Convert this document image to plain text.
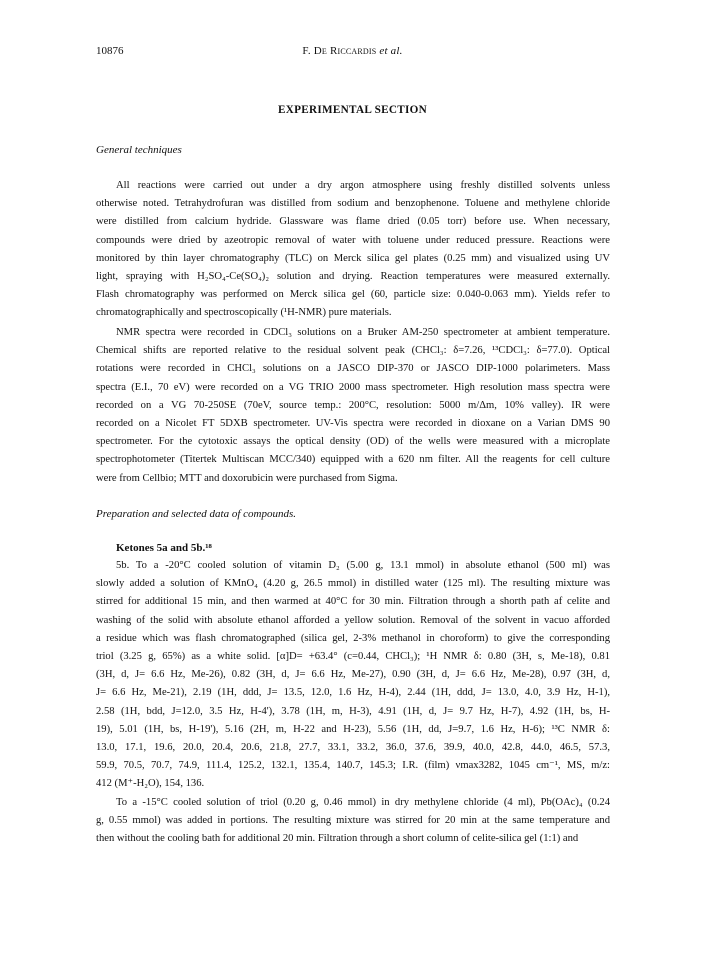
10876	F. De Riccardis et al.
EXPERIMENTAL SECTION
General techniques
All reactions were carried out under a dry argon atmosphere using freshly distilled solvents unless
otherwise noted. Tetrahydrofuran was distilled from sodium and benzophenone. Toluene and methylene chloride
were distilled from calcium hydride. Glassware was flame dried (0.05 torr) before use. When necessary,
compounds were dried by azeotropic removal of water with toluene under reduced pressure. Reactions were
monitored by thin layer chromatography (TLC) on Merck silica gel plates (0.25 mm) and visualized using UV
light, spraying with H₂SO₄-Ce(SO₄)₂ solution and drying. Reaction temperatures were measured externally.
Flash chromatography was performed on Merck silica gel (60, particle size: 0.040-0.063 mm). Yields refer to
chromatographically and spectroscopically (¹H-NMR) pure materials.
NMR spectra were recorded in CDCl₃ solutions on a Bruker AM-250 spectrometer at ambient temperature.
Chemical shifts are reported relative to the residual solvent peak (CHCl₃: δ=7.26, ¹³CDCl₃: δ=77.0). Optical
rotations were recorded in CHCl₃ solutions on a JASCO DIP-370 or JASCO DIP-1000 polarimeters. Mass
spectra (E.I., 70 eV) were recorded on a VG TRIO 2000 mass spectrometer. High resolution mass spectra were
recorded on a VG 70-250SE (70eV, source temp.: 200°C, resolution: 5000 m/Δm, 10% valley). IR were
recorded on a Nicolet FT 5DXB spectrometer. UV-Vis spectra were recorded in dioxane on a Varian DMS 90
spectrometer. For the cytotoxic assays the optical density (OD) of the wells were measured with a microplate
spectrophotometer (Titertek Multiscan MCC/340) equipped with a 620 nm filter. All the reagents for cell culture
were from Cellbio; MTT and doxorubicin were purchased from Sigma.
Preparation and selected data of compounds.
Ketones 5a and 5b.¹⁸
5b. To a -20°C cooled solution of vitamin D₂ (5.00 g, 13.1 mmol) in absolute ethanol (500 ml) was
slowly added a solution of KMnO₄ (4.20 g, 26.5 mmol) in distilled water (125 ml). The resulting mixture was
stirred for additional 15 min, and then warmed at 40°C for 30 min. Filtration through a shorth path af celite and
washing of the solid with absolute ethanol afforded a yellow solution. Removal of the solvent in vacuo afforded
a residue which was flash chromatographed (silica gel, 2-3% methanol in choroform) to give the corresponding
triol (3.25 g, 65%) as a white solid. [α]D= +63.4° (c=0.44, CHCl₃); ¹H NMR δ: 0.80 (3H, s, Me-18), 0.81
(3H, d, J= 6.6 Hz, Me-26), 0.82 (3H, d, J= 6.6 Hz, Me-27), 0.90 (3H, d, J= 6.6 Hz, Me-28), 0.97 (3H, d,
J= 6.6 Hz, Me-21), 2.19 (1H, ddd, J= 13.5, 12.0, 1.6 Hz, H-4), 2.44 (1H, ddd, J= 13.0, 4.0, 3.9 Hz, H-1),
2.58 (1H, bdd, J=12.0, 3.5 Hz, H-4'), 3.78 (1H, m, H-3), 4.91 (1H, d, J= 9.7 Hz, H-7), 4.92 (1H, bs, H-
19), 5.01 (1H, bs, H-19'), 5.16 (2H, m, H-22 and H-23), 5.56 (1H, dd, J=9.7, 1.6 Hz, H-6); ¹³C NMR δ:
13.0, 17.1, 19.6, 20.0, 20.4, 20.6, 21.8, 27.7, 33.1, 33.2, 36.0, 37.6, 39.9, 40.0, 42.8, 44.0, 46.5, 57.3,
59.9, 70.5, 70.7, 74.9, 111.4, 125.2, 132.1, 135.4, 140.7, 145.3; I.R. (film) νmax3282, 1045 cm⁻¹, MS, m/z:
412 (M⁺-H₂O), 154, 136.
To a -15°C cooled solution of triol (0.20 g, 0.46 mmol) in dry methylene chloride (4 ml), Pb(OAc)₄ (0.24
g, 0.55 mmol) was added in portions. The resulting mixture was stirred for 20 min at the same temperature and
then without the cooling bath for additional 20 min. Filtration through a short column of celite-silica gel (1:1) and
